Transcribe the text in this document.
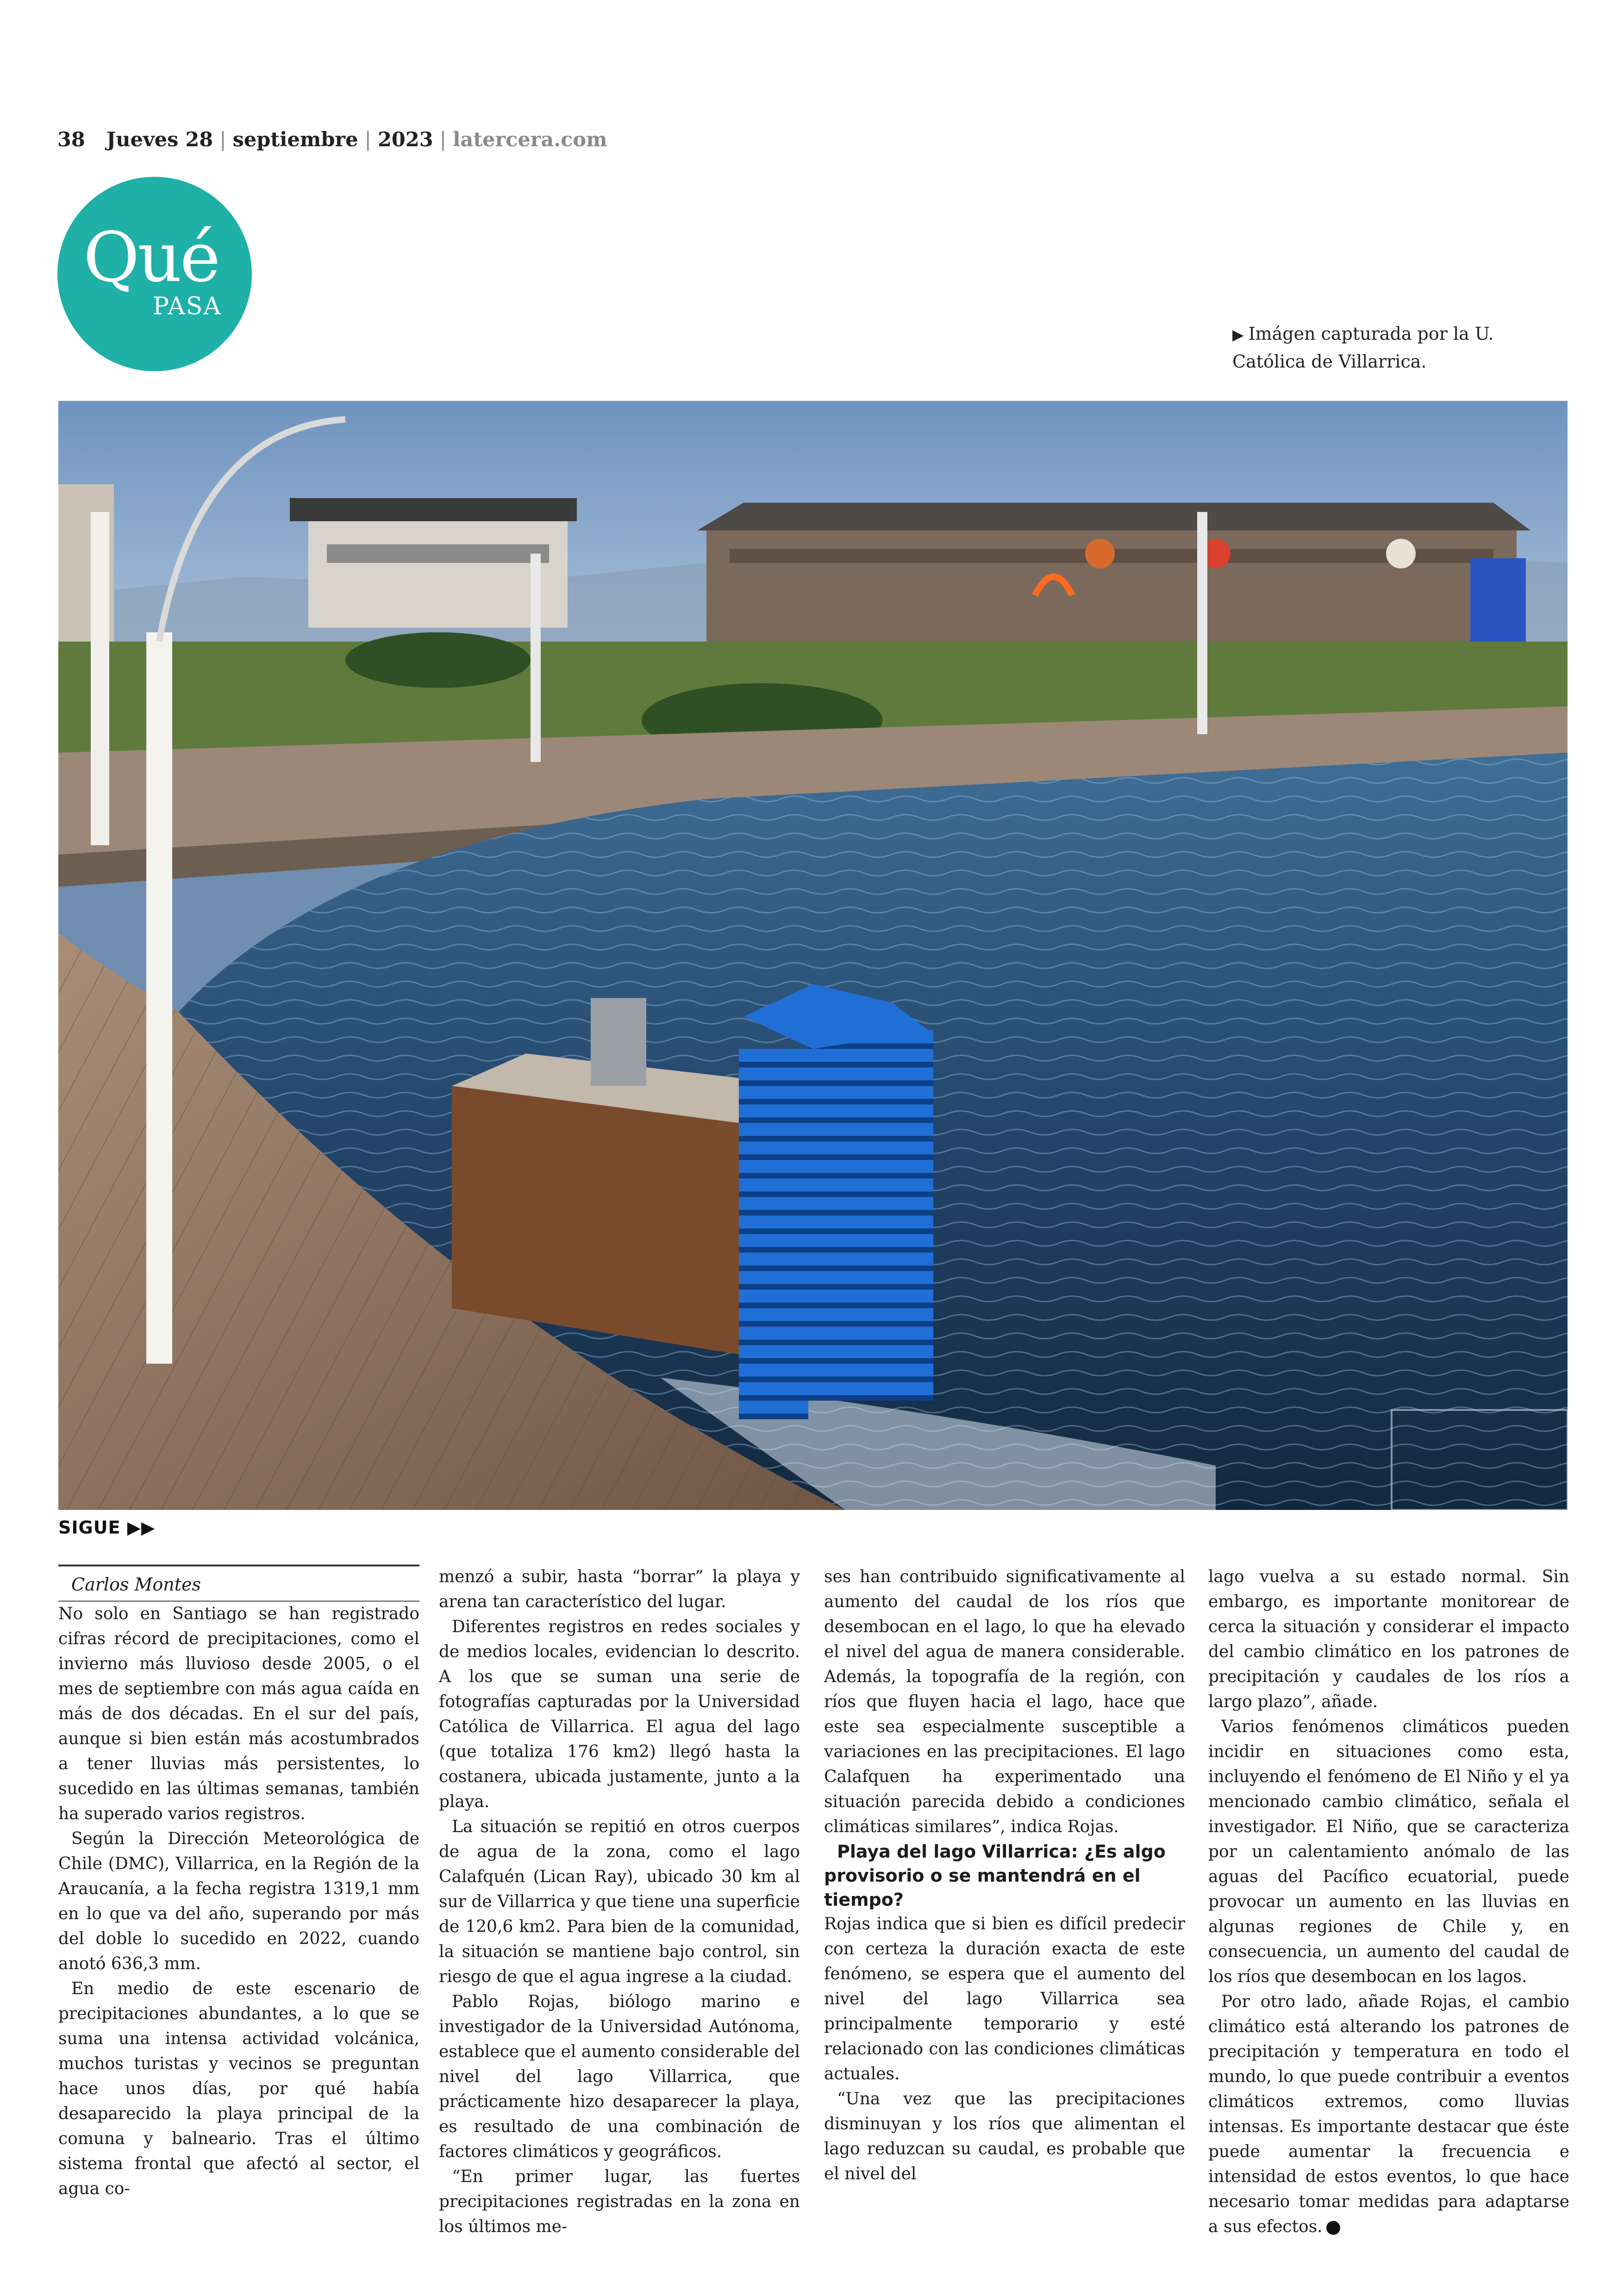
38 Jueves 28 | septiembre | 2023 | latercera.com
Qué
PASA
▶ Imágen capturada por la U. Católica de Villarrica.
SIGUE ▶▶

Carlos Montes

No solo en Santiago se han registrado cifras récord de precipitaciones, como el invierno más lluvioso desde 2005, o el mes de septiembre con más agua caída en más de dos décadas. En el sur del país, aunque si bien están más acostumbrados a tener lluvias más persistentes, lo sucedido en las últimas semanas, también ha superado varios registros.

Según la Dirección Meteorológica de Chile (DMC), Villarrica, en la Región de la Araucanía, a la fecha registra 1319,1 mm en lo que va del año, superando por más del doble lo sucedido en 2022, cuando anotó 636,3 mm.

En medio de este escenario de precipitaciones abundantes, a lo que se suma una intensa actividad volcánica, muchos turistas y vecinos se preguntan hace unos días, por qué había desaparecido la playa principal de la comuna y balneario. Tras el último sistema frontal que afectó al sector, el agua co-

menzó a subir, hasta “borrar” la playa y arena tan característico del lugar.

Diferentes registros en redes sociales y de medios locales, evidencian lo descrito. A los que se suman una serie de fotografías capturadas por la Universidad Católica de Villarrica. El agua del lago (que totaliza 176 km2) llegó hasta la costanera, ubicada justamente, junto a la playa.

La situación se repitió en otros cuerpos de agua de la zona, como el lago Calafquén (Lican Ray), ubicado 30 km al sur de Villarrica y que tiene una superficie de 120,6 km2. Para bien de la comunidad, la situación se mantiene bajo control, sin riesgo de que el agua ingrese a la ciudad.

Pablo Rojas, biólogo marino e investigador de la Universidad Autónoma, establece que el aumento considerable del nivel del lago Villarrica, que prácticamente hizo desaparecer la playa, es resultado de una combinación de factores climáticos y geográficos.

“En primer lugar, las fuertes precipitaciones registradas en la zona en los últimos me-

ses han contribuido significativamente al aumento del caudal de los ríos que desembocan en el lago, lo que ha elevado el nivel del agua de manera considerable. Además, la topografía de la región, con ríos que fluyen hacia el lago, hace que este sea especialmente susceptible a variaciones en las precipitaciones. El lago Calafquen ha experimentado una situación parecida debido a condiciones climáticas similares”, indica Rojas.

Playa del lago Villarrica: ¿Es algo provisorio o se mantendrá en el tiempo?

Rojas indica que si bien es difícil predecir con certeza la duración exacta de este fenómeno, se espera que el aumento del nivel del lago Villarrica sea principalmente temporario y esté relacionado con las condiciones climáticas actuales.

“Una vez que las precipitaciones disminuyan y los ríos que alimentan el lago reduzcan su caudal, es probable que el nivel del

lago vuelva a su estado normal. Sin embargo, es importante monitorear de cerca la situación y considerar el impacto del cambio climático en los patrones de precipitación y caudales de los ríos a largo plazo”, añade.

Varios fenómenos climáticos pueden incidir en situaciones como esta, incluyendo el fenómeno de El Niño y el ya mencionado cambio climático, señala el investigador. El Niño, que se caracteriza por un calentamiento anómalo de las aguas del Pacífico ecuatorial, puede provocar un aumento en las lluvias en algunas regiones de Chile y, en consecuencia, un aumento del caudal de los ríos que desembocan en los lagos.

Por otro lado, añade Rojas, el cambio climático está alterando los patrones de precipitación y temperatura en todo el mundo, lo que puede contribuir a eventos climáticos extremos, como lluvias intensas. Es importante destacar que éste puede aumentar la frecuencia e intensidad de estos eventos, lo que hace necesario tomar medidas para adaptarse a sus efectos.
